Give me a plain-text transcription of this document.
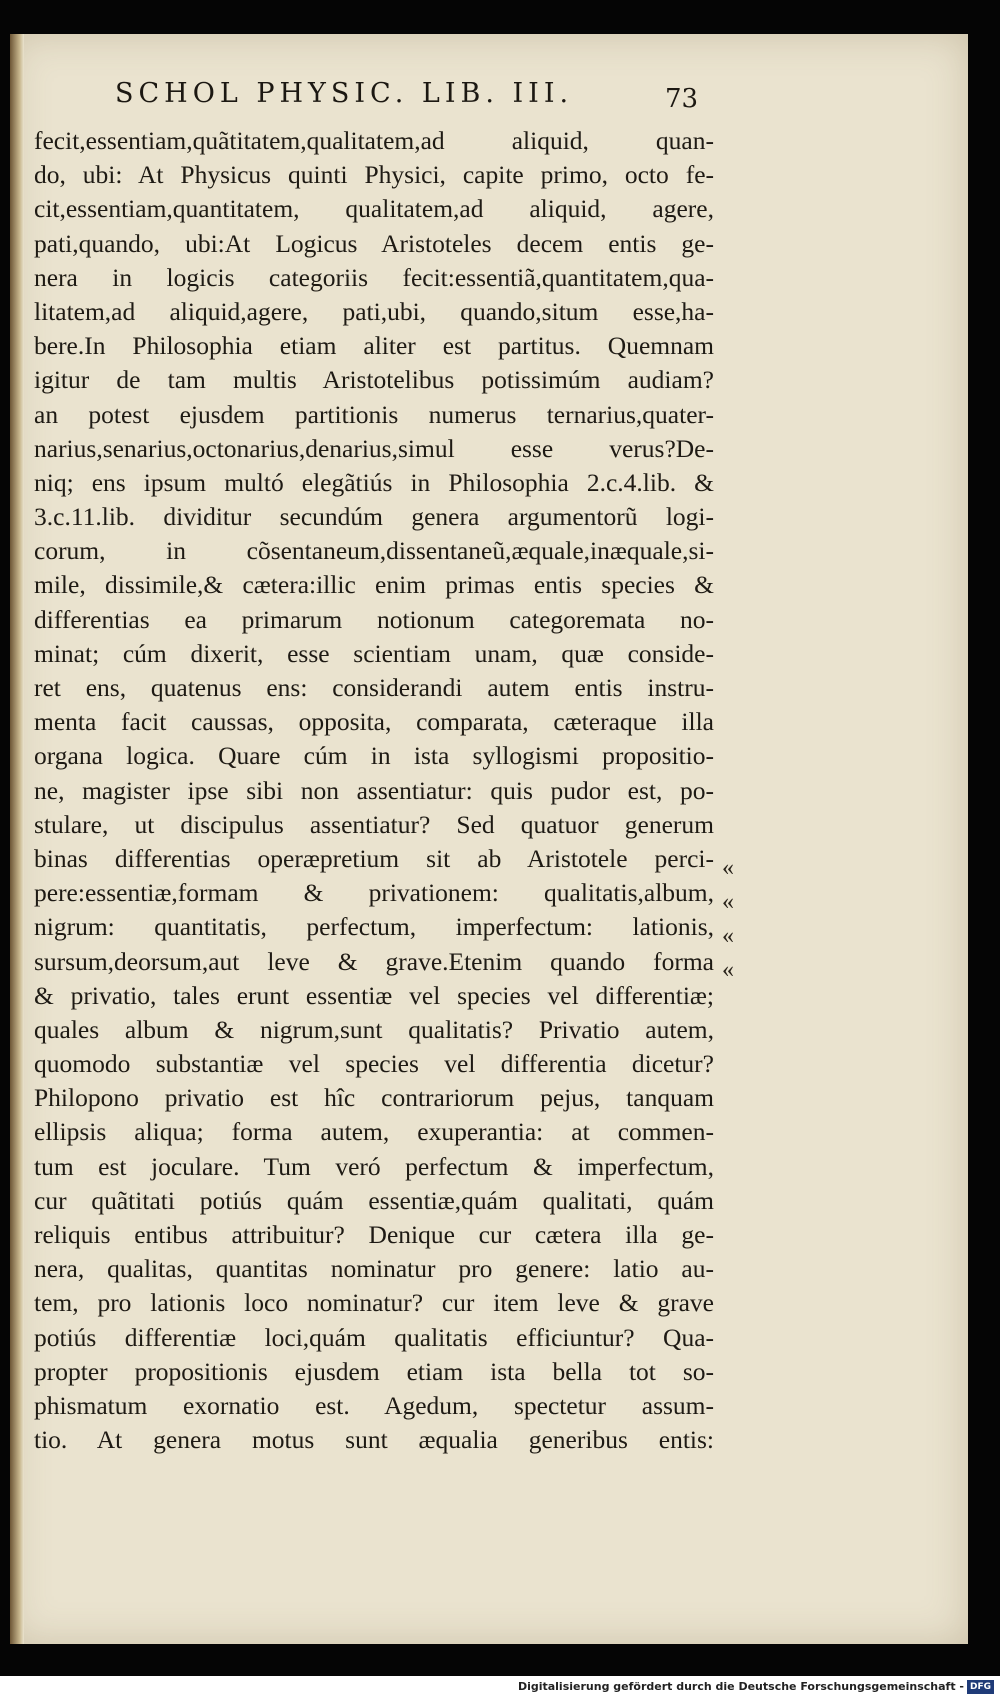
SCHOL PHYSIC. LIB. III.	73
fecit,essentiam,quãtitatem,qualitatem,ad aliquid, quan-
do, ubi: At Physicus quinti Physici, capite primo, octo fe-
cit,essentiam,quantitatem, qualitatem,ad aliquid, agere,
pati,quando, ubi:At Logicus Aristoteles decem entis ge-
nera in logicis categoriis fecit:essentiã,quantitatem,qua-
litatem,ad aliquid,agere, pati,ubi, quando,situm esse,ha-
bere.In Philosophia etiam aliter est partitus. Quemnam
igitur de tam multis Aristotelibus potissimúm audiam?
an potest ejusdem partitionis numerus ternarius,quater-
narius,senarius,octonarius,denarius,simul esse verus?De-
niq; ens ipsum multó elegãtiús in Philosophia 2.c.4.lib. &
3.c.11.lib. dividitur secundúm genera argumentorũ logi-
corum, in cõsentaneum,dissentaneũ,æquale,inæquale,si-
mile, dissimile,& cætera:illic enim primas entis species &
differentias ea primarum notionum categoremata no-
minat; cúm dixerit, esse scientiam unam, quæ conside-
ret ens, quatenus ens: considerandi autem entis instru-
menta facit caussas, opposita, comparata, cæteraque illa
organa logica. Quare cúm in ista syllogismi propositio-
ne, magister ipse sibi non assentiatur: quis pudor est, po-
stulare, ut discipulus assentiatur? Sed quatuor generum
binas differentias operæpretium sit ab Aristotele perci-
pere:essentiæ,formam & privationem: qualitatis,album,
nigrum: quantitatis, perfectum, imperfectum: lationis,
sursum,deorsum,aut leve & grave.Etenim quando forma
& privatio, tales erunt essentiæ vel species vel differentiæ;
quales album & nigrum,sunt qualitatis? Privatio autem,
quomodo substantiæ vel species vel differentia dicetur?
Philopono privatio est hîc contrariorum pejus, tanquam
ellipsis aliqua; forma autem, exuperantia: at commen-
tum est joculare. Tum veró perfectum & imperfectum,
cur quãtitati potiús quám essentiæ,quám qualitati, quám
reliquis entibus attribuitur? Denique cur cætera illa ge-
nera, qualitas, quantitas nominatur pro genere: latio au-
tem, pro lationis loco nominatur? cur item leve & grave
potiús differentiæ loci,quám qualitatis efficiuntur? Qua-
propter propositionis ejusdem etiam ista bella tot so-
phismatum exornatio est. Agedum, spectetur assum-
tio. At genera motus sunt æqualia generibus entis:
«
«
«
«
Digitalisierung gefördert durch die Deutsche Forschungsgemeinschaft - DFG
